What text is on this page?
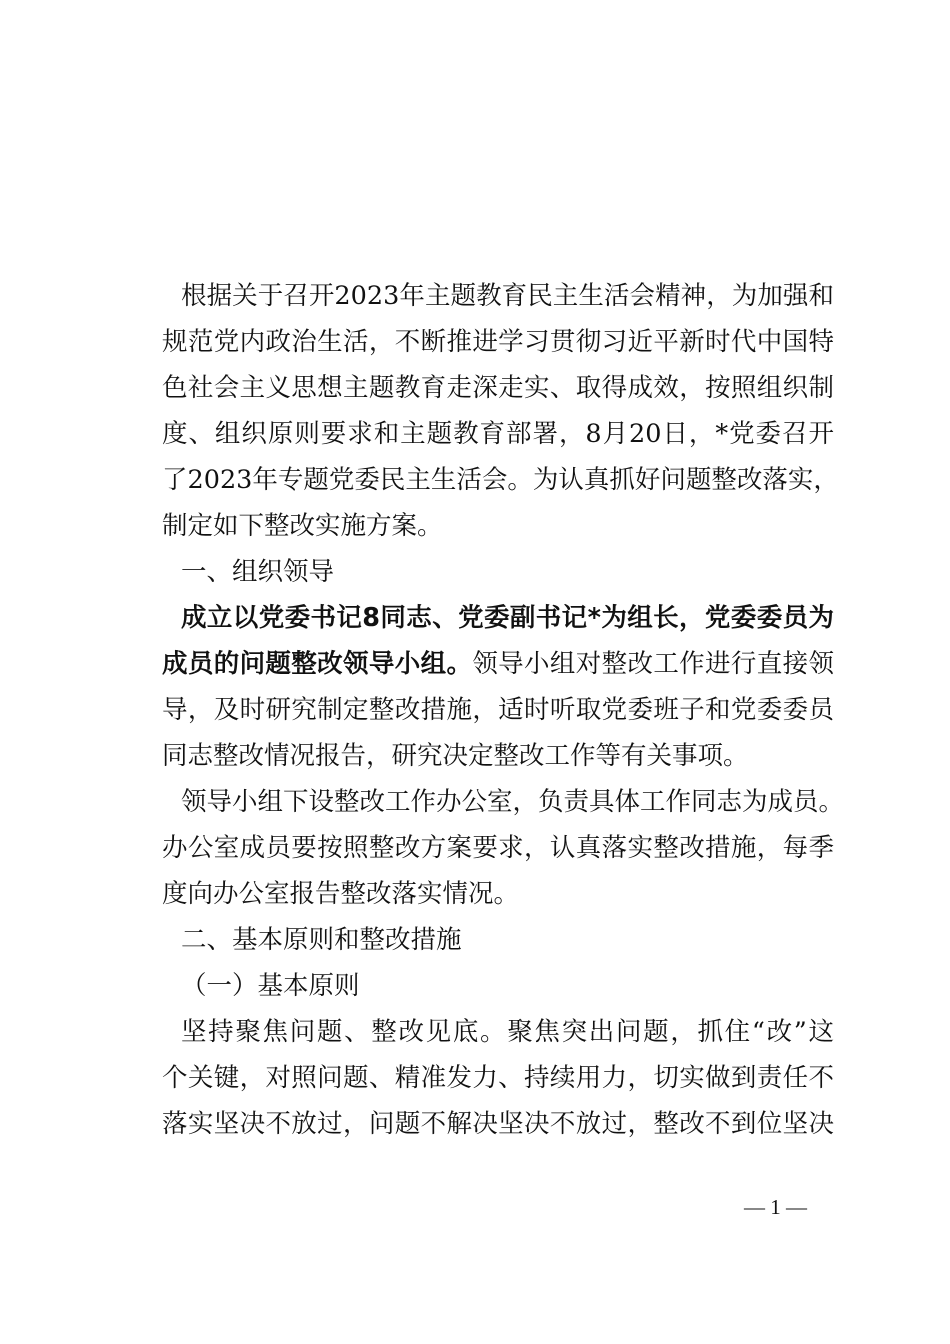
根据关于召开2023年主题教育民主生活会精神，为加强和
规范党内政治生活，不断推进学习贯彻习近平新时代中国特
色社会主义思想主题教育走深走实、取得成效，按照组织制
度、组织原则要求和主题教育部署，8月20日，*党委召开
了2023年专题党委民主生活会。为认真抓好问题整改落实，
制定如下整改实施方案。
一、组织领导
成立以党委书记8同志、党委副书记*为组长，党委委员为
成员的问题整改领导小组。领导小组对整改工作进行直接领
导，及时研究制定整改措施，适时听取党委班子和党委委员
同志整改情况报告，研究决定整改工作等有关事项。
领导小组下设整改工作办公室，负责具体工作同志为成员。
办公室成员要按照整改方案要求，认真落实整改措施，每季
度向办公室报告整改落实情况。
二、基本原则和整改措施
（一）基本原则
坚持聚焦问题、整改见底。聚焦突出问题，抓住“改”这
个关键，对照问题、精准发力、持续用力，切实做到责任不
落实坚决不放过，问题不解决坚决不放过，整改不到位坚决
— 1 —
